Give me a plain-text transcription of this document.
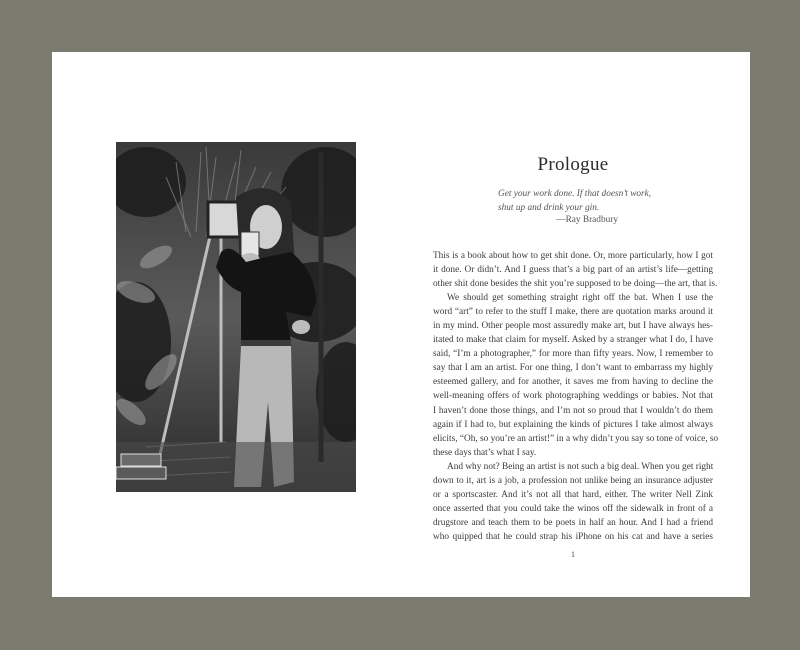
Prologue
Get your work done. If that doesn’t work,
shut up and drink your gin.
—Ray Bradbury
This is a book about how to get shit done. Or, more particularly, how I got
it done. Or didn’t. And I guess that’s a big part of an artist’s life—getting
other shit done besides the shit you’re supposed to be doing—the art, that is.
We should get something straight right off the bat. When I use the
word “art” to refer to the stuff I make, there are quotation marks around it
in my mind. Other people most assuredly make art, but I have always hes-
itated to make that claim for myself. Asked by a stranger what I do, I have
said, “I’m a photographer,” for more than fifty years. Now, I remember to
say that I am an artist. For one thing, I don’t want to embarrass my highly
esteemed gallery, and for another, it saves me from having to decline the
well-meaning offers of work photographing weddings or babies. Not that
I haven’t done those things, and I’m not so proud that I wouldn’t do them
again if I had to, but explaining the kinds of pictures I take almost always
elicits, “Oh, so you’re an artist!” in a why didn’t you say so tone of voice, so
these days that’s what I say.
And why not? Being an artist is not such a big deal. When you get right
down to it, art is a job, a profession not unlike being an insurance adjuster
or a sportscaster. And it’s not all that hard, either. The writer Nell Zink
once asserted that you could take the winos off the sidewalk in front of a
drugstore and teach them to be poets in half an hour. And I had a friend
who quipped that he could strap his iPhone on his cat and have a series
1
